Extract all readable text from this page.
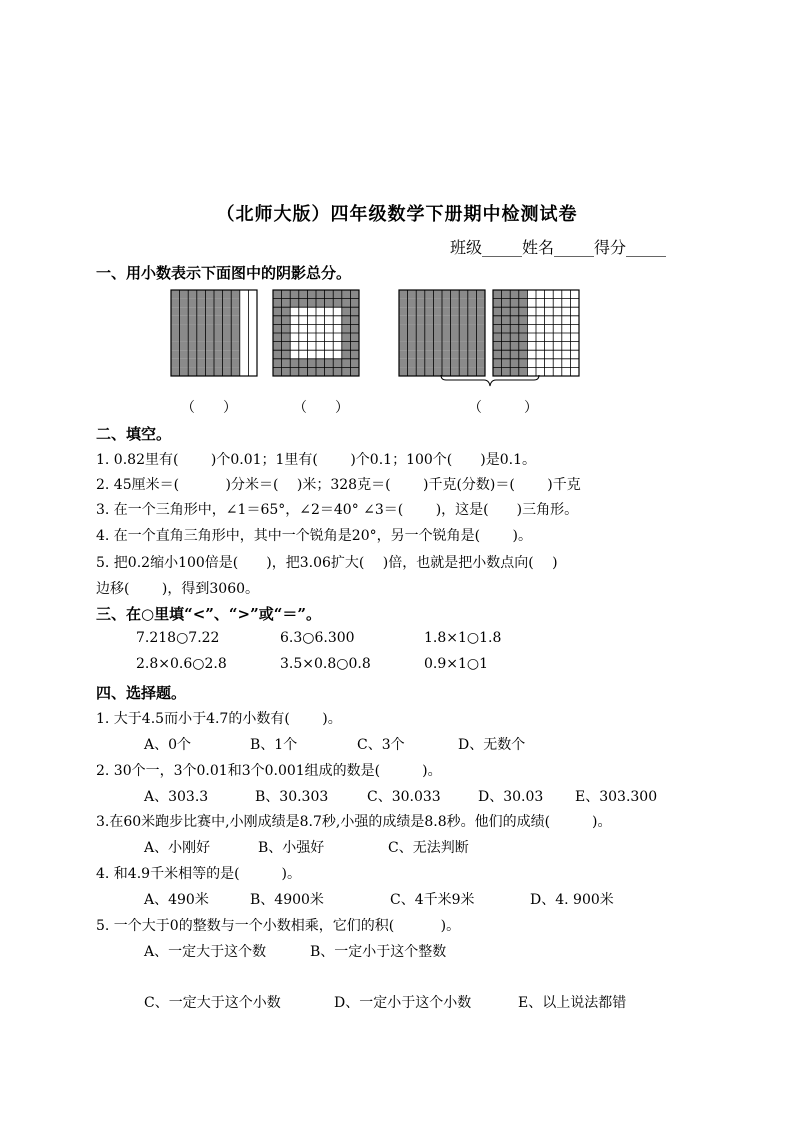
（北师大版）四年级数学下册期中检测试卷
班级_____姓名_____得分_____
一、用小数表示下面图中的阴影总分。
（　　）	（　　）	（　　　）
二、填空。
1. 0.82里有(　　 )个0.01；1里有(　　 )个0.1；100个(　　)是0.1。
2. 45厘米＝(　　 　)分米＝(　 )米；328克＝(　　 )千克(分数)＝(　 　)千克
3. 在一个三角形中，∠1＝65°，∠2＝40° ∠3＝(　　 )，这是(　　)三角形。
4. 在一个直角三角形中，其中一个锐角是20°，另一个锐角是(　 　)。
5. 把0.2缩小100倍是(　　)，把3.06扩大(　 )倍，也就是把小数点向(　 )
边移(　　 )，得到3060。
三、在○里填“<”、“>”或“＝”。
7.218○7.22	6.3○6.300	1.8×1○1.8
2.8×0.6○2.8	3.5×0.8○0.8	0.9×1○1
四、选择题。
1. 大于4.5而小于4.7的小数有(　　 )。
A、0个	B、1个	C、3个	D、无数个
2. 30个一，3个0.01和3个0.001组成的数是(　　　)。
A、303.3	B、30.303	C、30.033	D、30.03 E、303.300
3.在60米跑步比赛中,小刚成绩是8.7秒,小强的成绩是8.8秒。他们的成绩(　　　)。
A、小刚好	B、小强好	C、无法判断
4. 和4.9千米相等的是(　　　)。
A、490米	B、4900米	C、4千米9米	D、4. 900米
5. 一个大于0的整数与一个小数相乘，它们的积(　　　 )。
A、一定大于这个数	B、一定小于这个整数
C、一定大于这个小数	D、一定小于这个小数	E、以上说法都错
